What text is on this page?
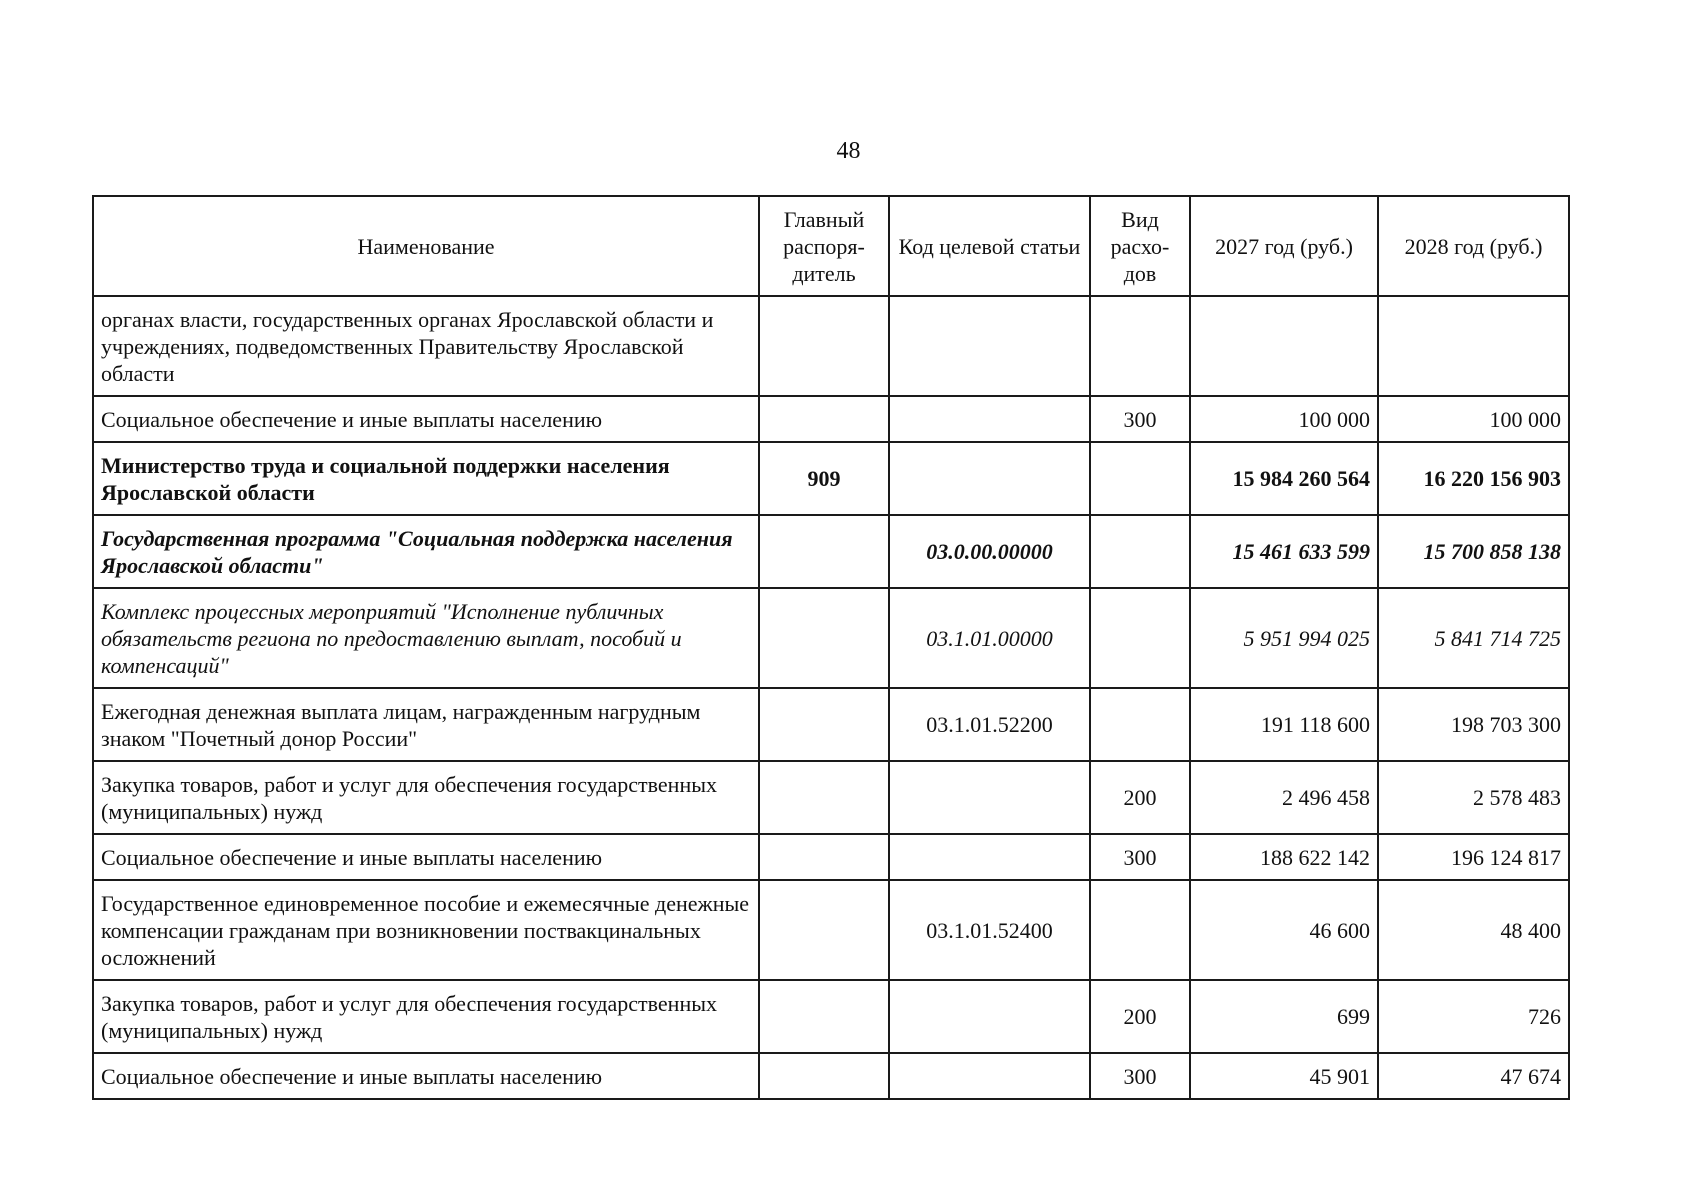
48
Наименование	Главный распоря-дитель	Код целевой статьи	Вид расхо-дов	2027 год (руб.)	2028 год (руб.)
органах власти, государственных органах Ярославской области и учреждениях, подведомственных Правительству Ярославской области					
Социальное обеспечение и иные выплаты населению			300	100 000	100 000
Министерство труда и социальной поддержки населения Ярославской области	909			15 984 260 564	16 220 156 903
Государственная программа "Социальная поддержка населения Ярославской области"		03.0.00.00000		15 461 633 599	15 700 858 138
Комплекс процессных мероприятий "Исполнение публичных обязательств региона по предоставлению выплат, пособий и компенсаций"		03.1.01.00000		5 951 994 025	5 841 714 725
Ежегодная денежная выплата лицам, награжденным нагрудным знаком "Почетный донор России"		03.1.01.52200		191 118 600	198 703 300
Закупка товаров, работ и услуг для обеспечения государственных (муниципальных) нужд			200	2 496 458	2 578 483
Социальное обеспечение и иные выплаты населению			300	188 622 142	196 124 817
Государственное единовременное пособие и ежемесячные денежные компенсации гражданам при возникновении поствакцинальных осложнений		03.1.01.52400		46 600	48 400
Закупка товаров, работ и услуг для обеспечения государственных (муниципальных) нужд			200	699	726
Социальное обеспечение и иные выплаты населению			300	45 901	47 674
